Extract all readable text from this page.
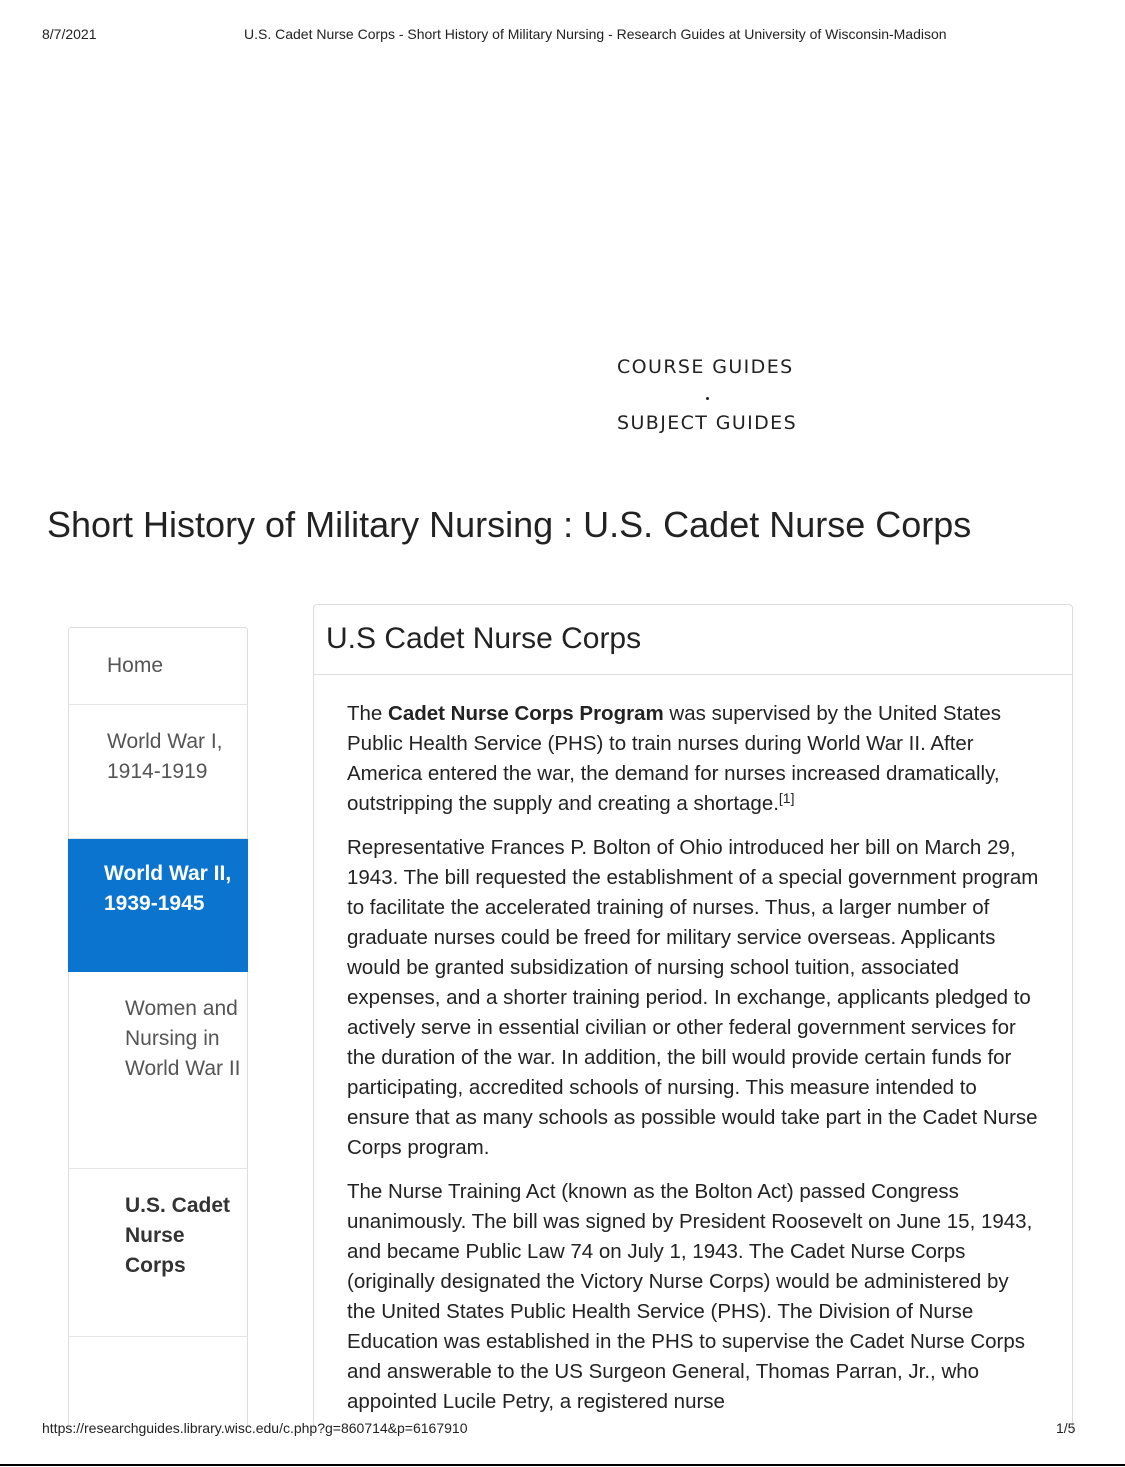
8/7/2021	U.S. Cadet Nurse Corps - Short History of Military Nursing - Research Guides at University of Wisconsin-Madison
COURSE GUIDES
SUBJECT GUIDES
Short History of Military Nursing : U.S. Cadet Nurse Corps
Home
World War I, 1914-1919
World War II, 1939-1945
Women and Nursing in World War II
U.S. Cadet Nurse Corps
U.S Cadet Nurse Corps

The Cadet Nurse Corps Program was supervised by the United States Public Health Service (PHS) to train nurses during World War II. After America entered the war, the demand for nurses increased dramatically, outstripping the supply and creating a shortage.[1]

Representative Frances P. Bolton of Ohio introduced her bill on March 29, 1943. The bill requested the establishment of a special government program to facilitate the accelerated training of nurses. Thus, a larger number of graduate nurses could be freed for military service overseas. Applicants would be granted subsidization of nursing school tuition, associated expenses, and a shorter training period. In exchange, applicants pledged to actively serve in essential civilian or other federal government services for the duration of the war. In addition, the bill would provide certain funds for participating, accredited schools of nursing. This measure intended to ensure that as many schools as possible would take part in the Cadet Nurse Corps program.

The Nurse Training Act (known as the Bolton Act) passed Congress unanimously. The bill was signed by President Roosevelt on June 15, 1943, and became Public Law 74 on July 1, 1943. The Cadet Nurse Corps (originally designated the Victory Nurse Corps) would be administered by the United States Public Health Service (PHS). The Division of Nurse Education was established in the PHS to supervise the Cadet Nurse Corps and answerable to the US Surgeon General, Thomas Parran, Jr., who appointed Lucile Petry, a registered nurse

https://researchguides.library.wisc.edu/c.php?g=860714&p=6167910	1/5
